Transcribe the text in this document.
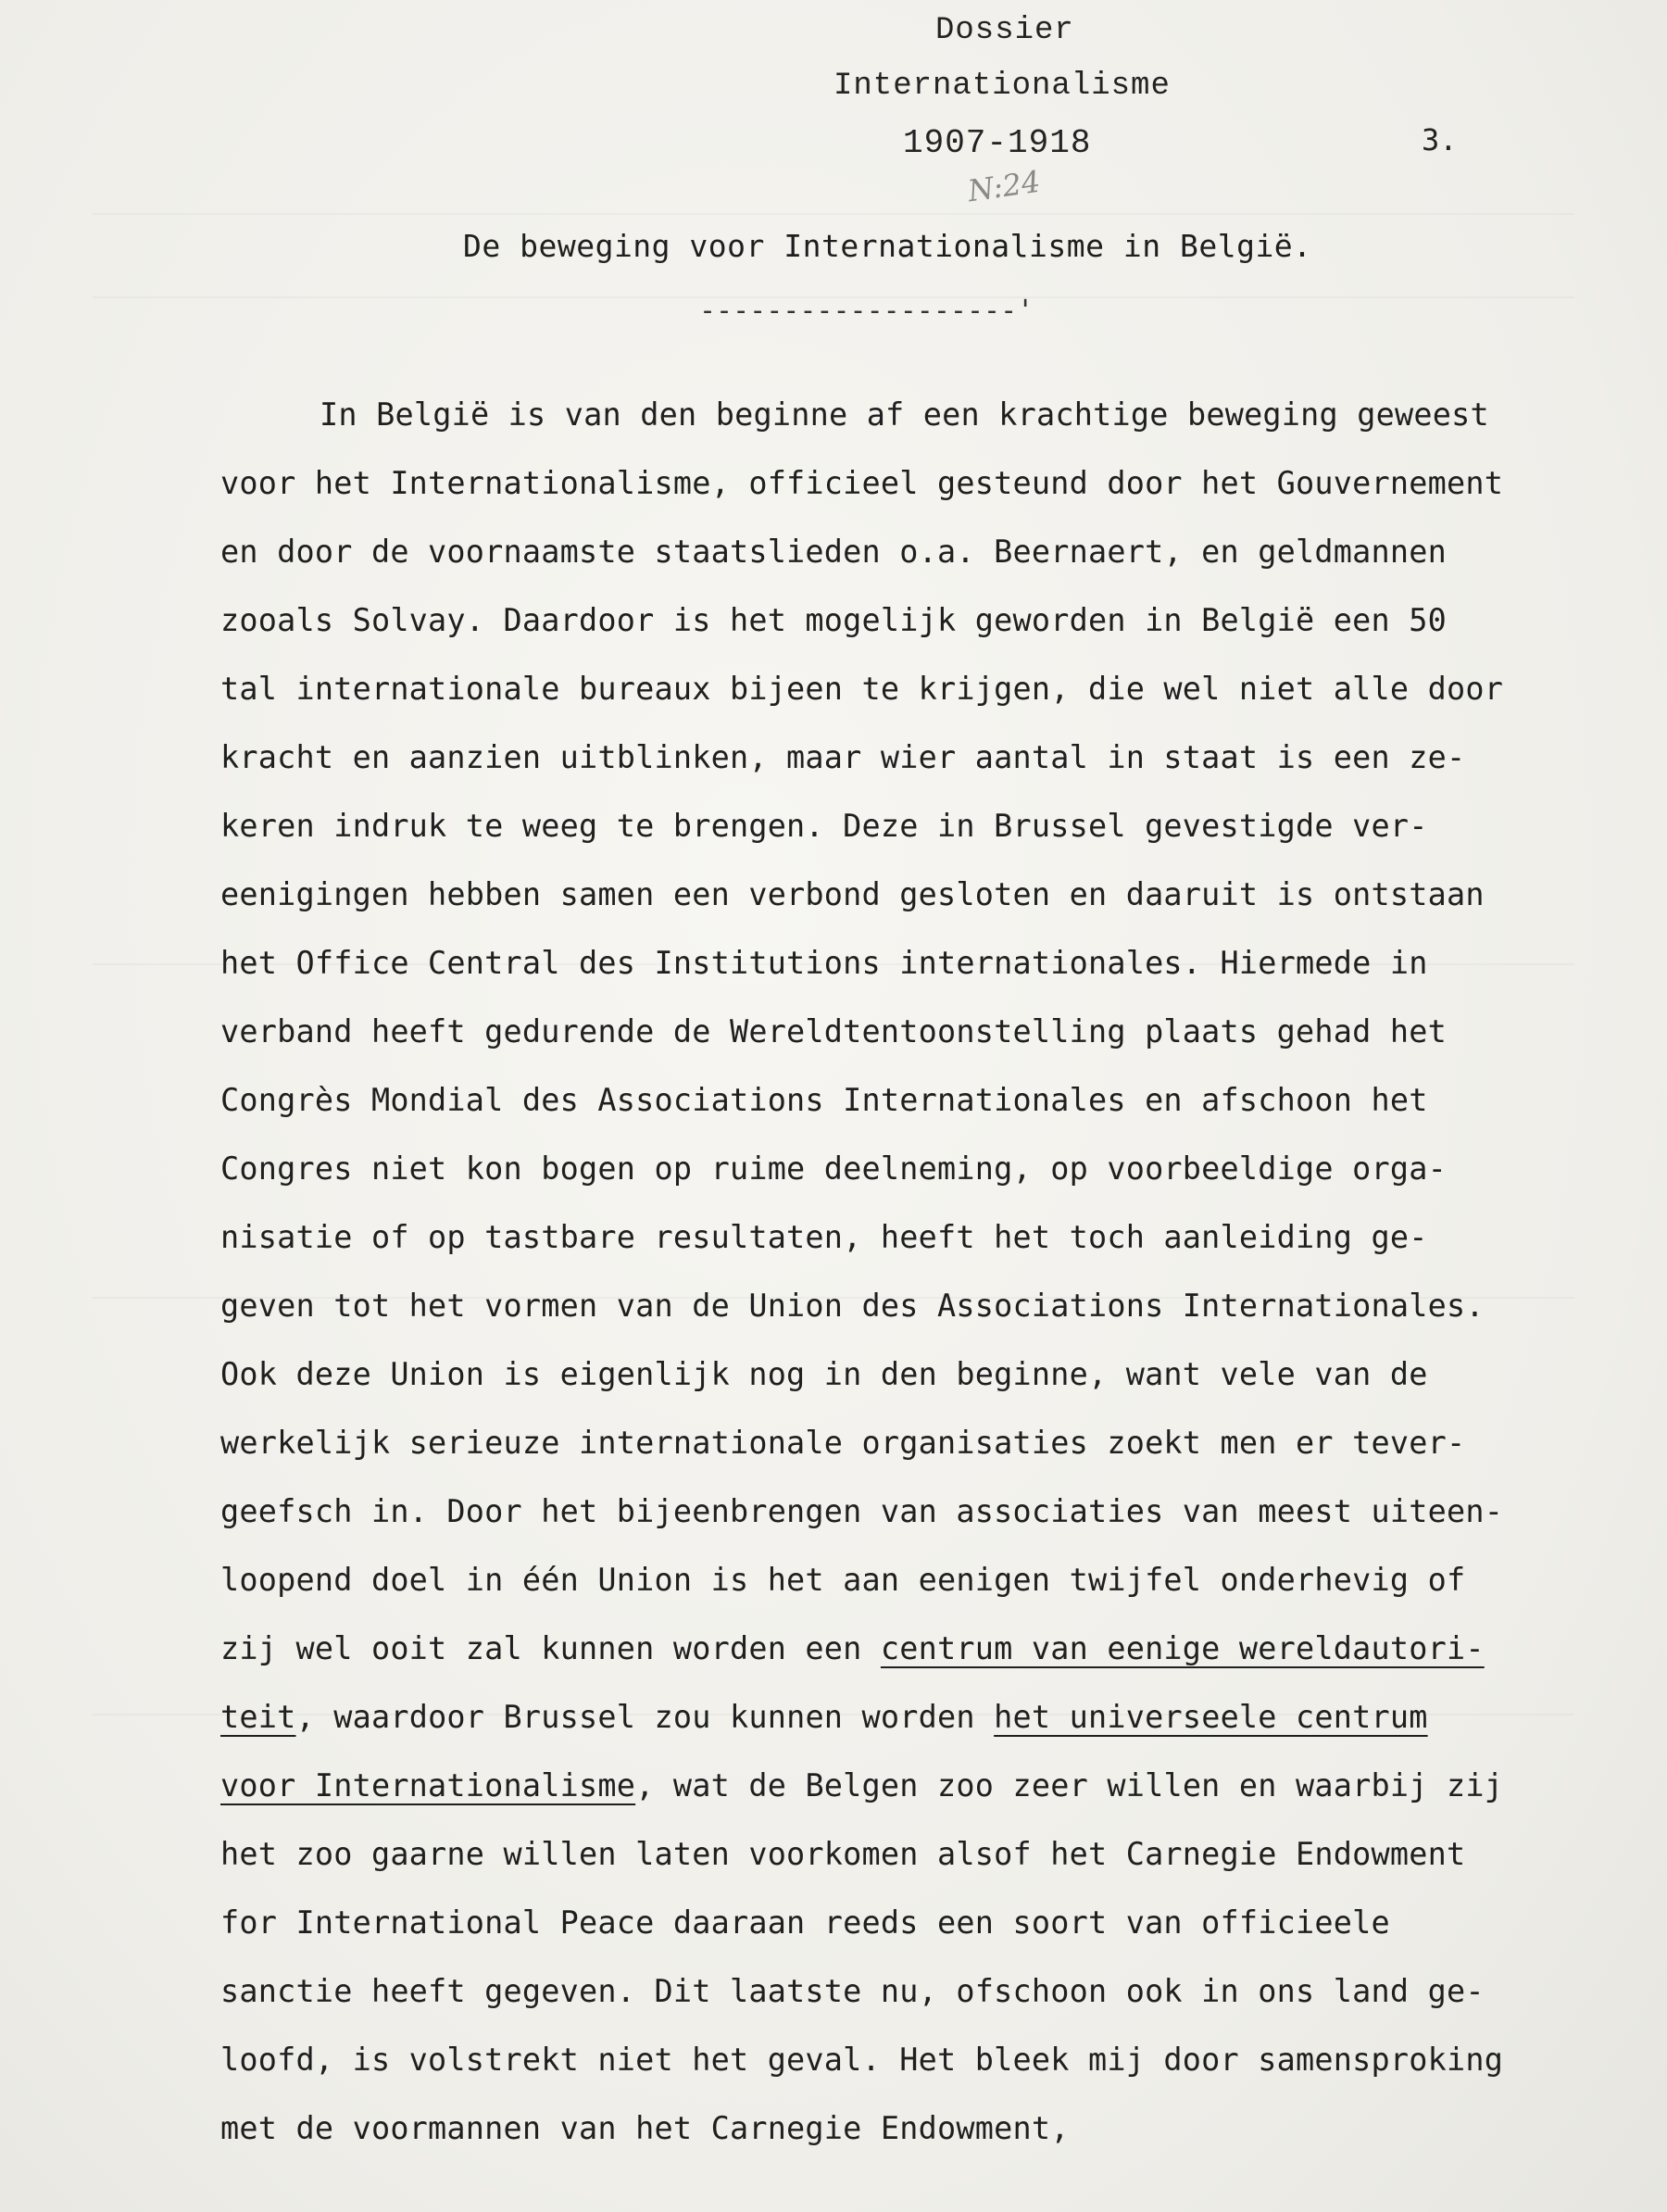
Dossier
Internationalisme
1907-1918	3.
N:24
De beweging voor Internationalisme in België.
-------------------'
In België is van den beginne af een krachtige beweging geweest
voor het Internationalisme, officieel gesteund door het Gouvernement
en door de voornaamste staatslieden o.a. Beernaert, en geldmannen
zooals Solvay. Daardoor is het mogelijk geworden in België een 50
tal internationale bureaux bijeen te krijgen, die wel niet alle door
kracht en aanzien uitblinken, maar wier aantal in staat is een ze-
keren indruk te weeg te brengen. Deze in Brussel gevestigde ver-
eenigingen hebben samen een verbond gesloten en daaruit is ontstaan
het Office Central des Institutions internationales. Hiermede in
verband heeft gedurende de Wereldtentoonstelling plaats gehad het
Congrès Mondial des Associations Internationales en afschoon het
Congres niet kon bogen op ruime deelneming, op voorbeeldige orga-
nisatie of op tastbare resultaten, heeft het toch aanleiding ge-
geven tot het vormen van de Union des Associations Internationales.
Ook deze Union is eigenlijk nog in den beginne, want vele van de
werkelijk serieuze internationale organisaties zoekt men er tever-
geefsch in. Door het bijeenbrengen van associaties van meest uiteen-
loopend doel in één Union is het aan eenigen twijfel onderhevig of
zij wel ooit zal kunnen worden een centrum van eenige wereldautori-
teit, waardoor Brussel zou kunnen worden het universeele centrum
voor Internationalisme, wat de Belgen zoo zeer willen en waarbij zij
het zoo gaarne willen laten voorkomen alsof het Carnegie Endowment
for International Peace daaraan reeds een soort van officieele
sanctie heeft gegeven. Dit laatste nu, ofschoon ook in ons land ge-
loofd, is volstrekt niet het geval. Het bleek mij door samensproking
met de voormannen van het Carnegie Endowment,
